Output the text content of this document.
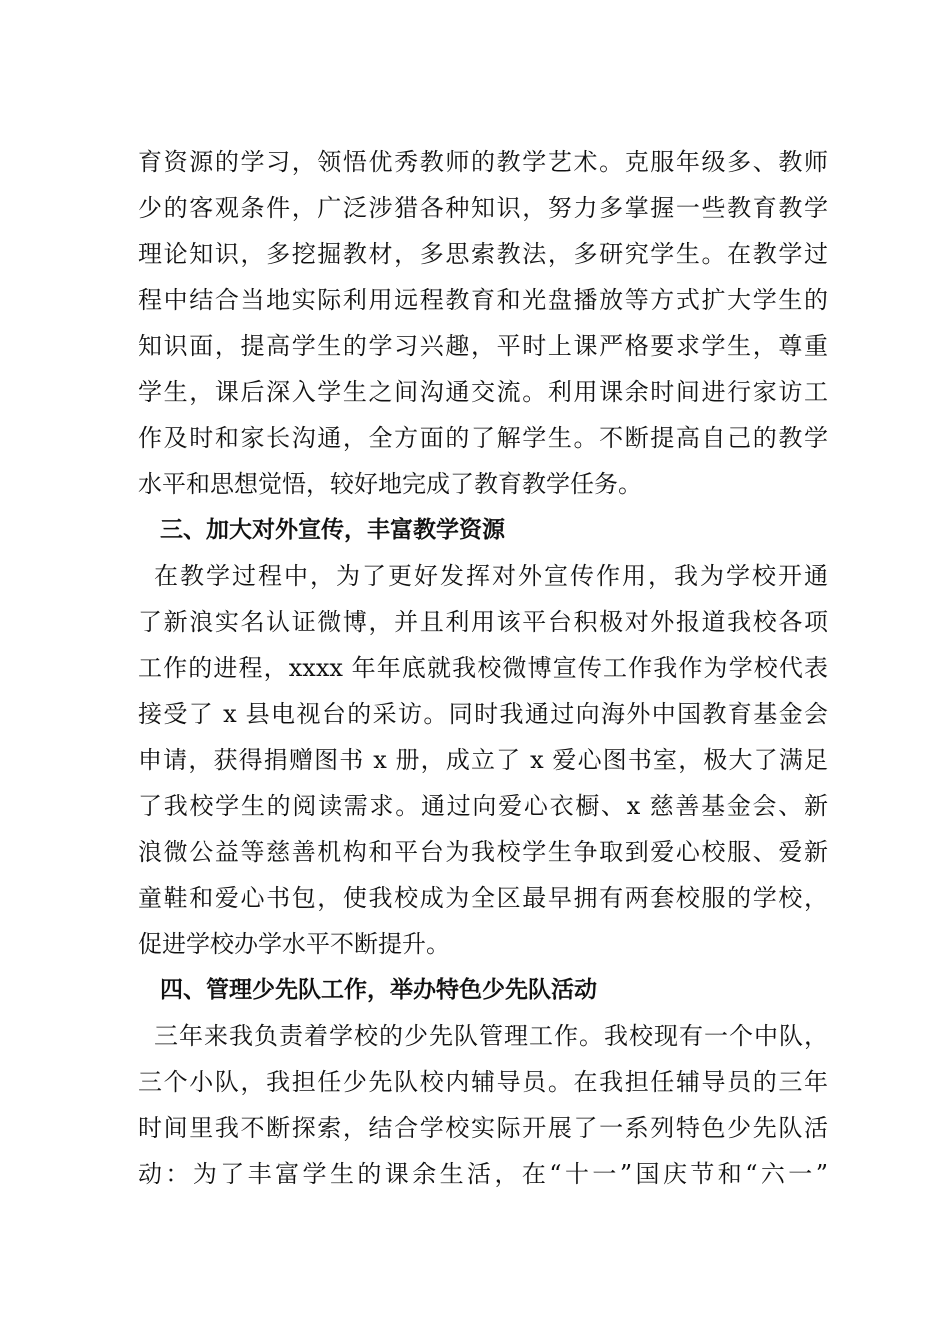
育资源的学习，领悟优秀教师的教学艺术。克服年级多、教师
少的客观条件，广泛涉猎各种知识，努力多掌握一些教育教学
理论知识，多挖掘教材，多思索教法，多研究学生。在教学过
程中结合当地实际利用远程教育和光盘播放等方式扩大学生的
知识面，提高学生的学习兴趣，平时上课严格要求学生，尊重
学生，课后深入学生之间沟通交流。利用课余时间进行家访工
作及时和家长沟通，全方面的了解学生。不断提高自己的教学
水平和思想觉悟，较好地完成了教育教学任务。
三、加大对外宣传，丰富教学资源
在教学过程中，为了更好发挥对外宣传作用，我为学校开通
了新浪实名认证微博，并且利用该平台积极对外报道我校各项
工作的进程，xxxx 年年底就我校微博宣传工作我作为学校代表
接受了 x 县电视台的采访。同时我通过向海外中国教育基金会
申请，获得捐赠图书 x 册，成立了 x 爱心图书室，极大了满足
了我校学生的阅读需求。通过向爱心衣橱、x 慈善基金会、新
浪微公益等慈善机构和平台为我校学生争取到爱心校服、爱新
童鞋和爱心书包，使我校成为全区最早拥有两套校服的学校，
促进学校办学水平不断提升。
四、管理少先队工作，举办特色少先队活动
三年来我负责着学校的少先队管理工作。我校现有一个中队，
三个小队，我担任少先队校内辅导员。在我担任辅导员的三年
时间里我不断探索，结合学校实际开展了一系列特色少先队活
动：为了丰富学生的课余生活，在“十一”国庆节和“六一”
